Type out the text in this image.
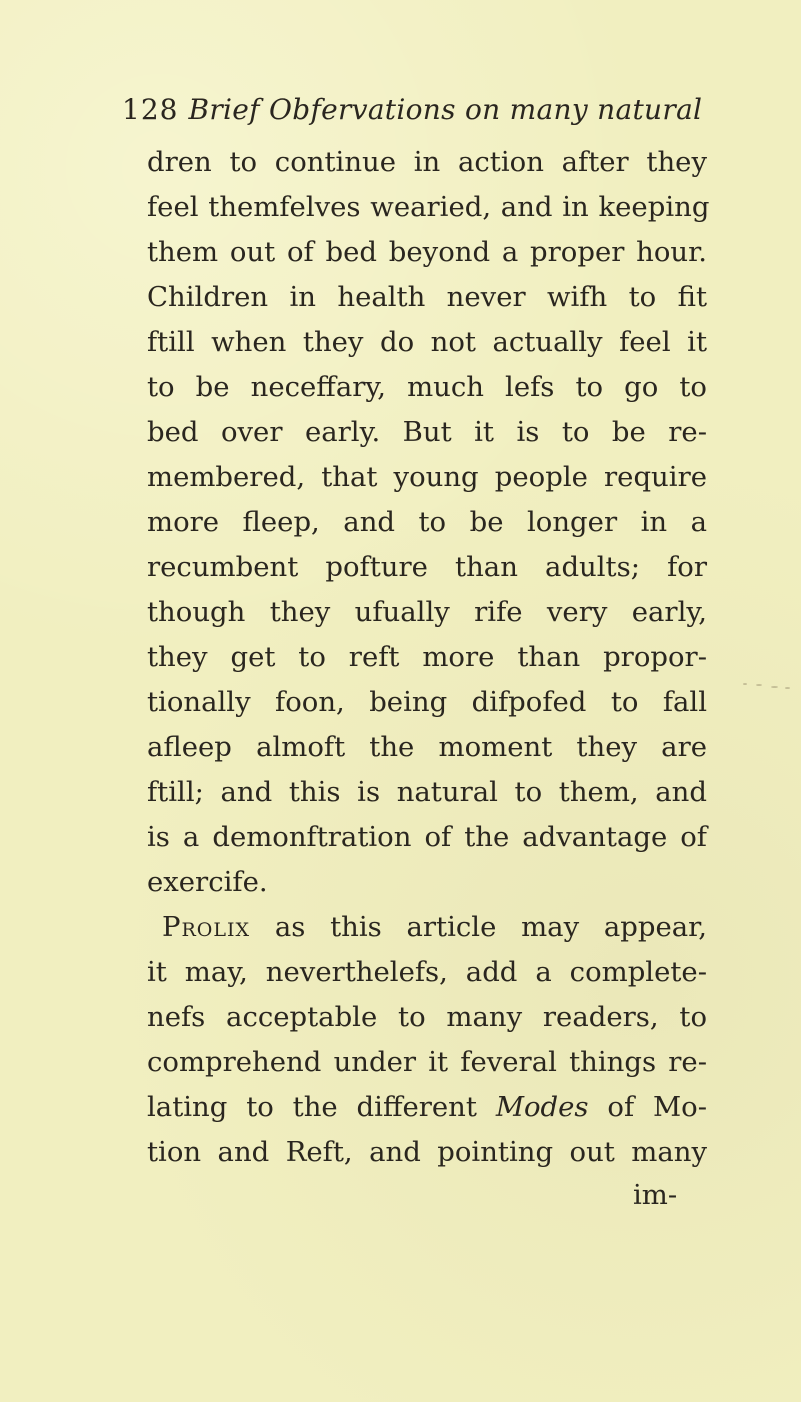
128 Brief Obfervations on many natural
dren to continue in action after they
feel themfelves wearied, and in keeping
them out of bed beyond a proper hour.
Children in health never wifh to fit
ftill when they do not actually feel it
to be neceffary, much lefs to go to
bed over early. But it is to be re-
membered, that young people require
more fleep, and to be longer in a
recumbent pofture than adults; for
though they ufually rife very early,
they get to reft more than propor-
tionally foon, being difpofed to fall
afleep almoft the moment they are
ftill; and this is natural to them, and
is a demonftration of the advantage of
exercife.
Prolix as this article may appear,
it may, neverthelefs, add a complete-
nefs acceptable to many readers, to
comprehend under it feveral things re-
lating to the different Modes of Mo-
tion and Reft, and pointing out many
im-
